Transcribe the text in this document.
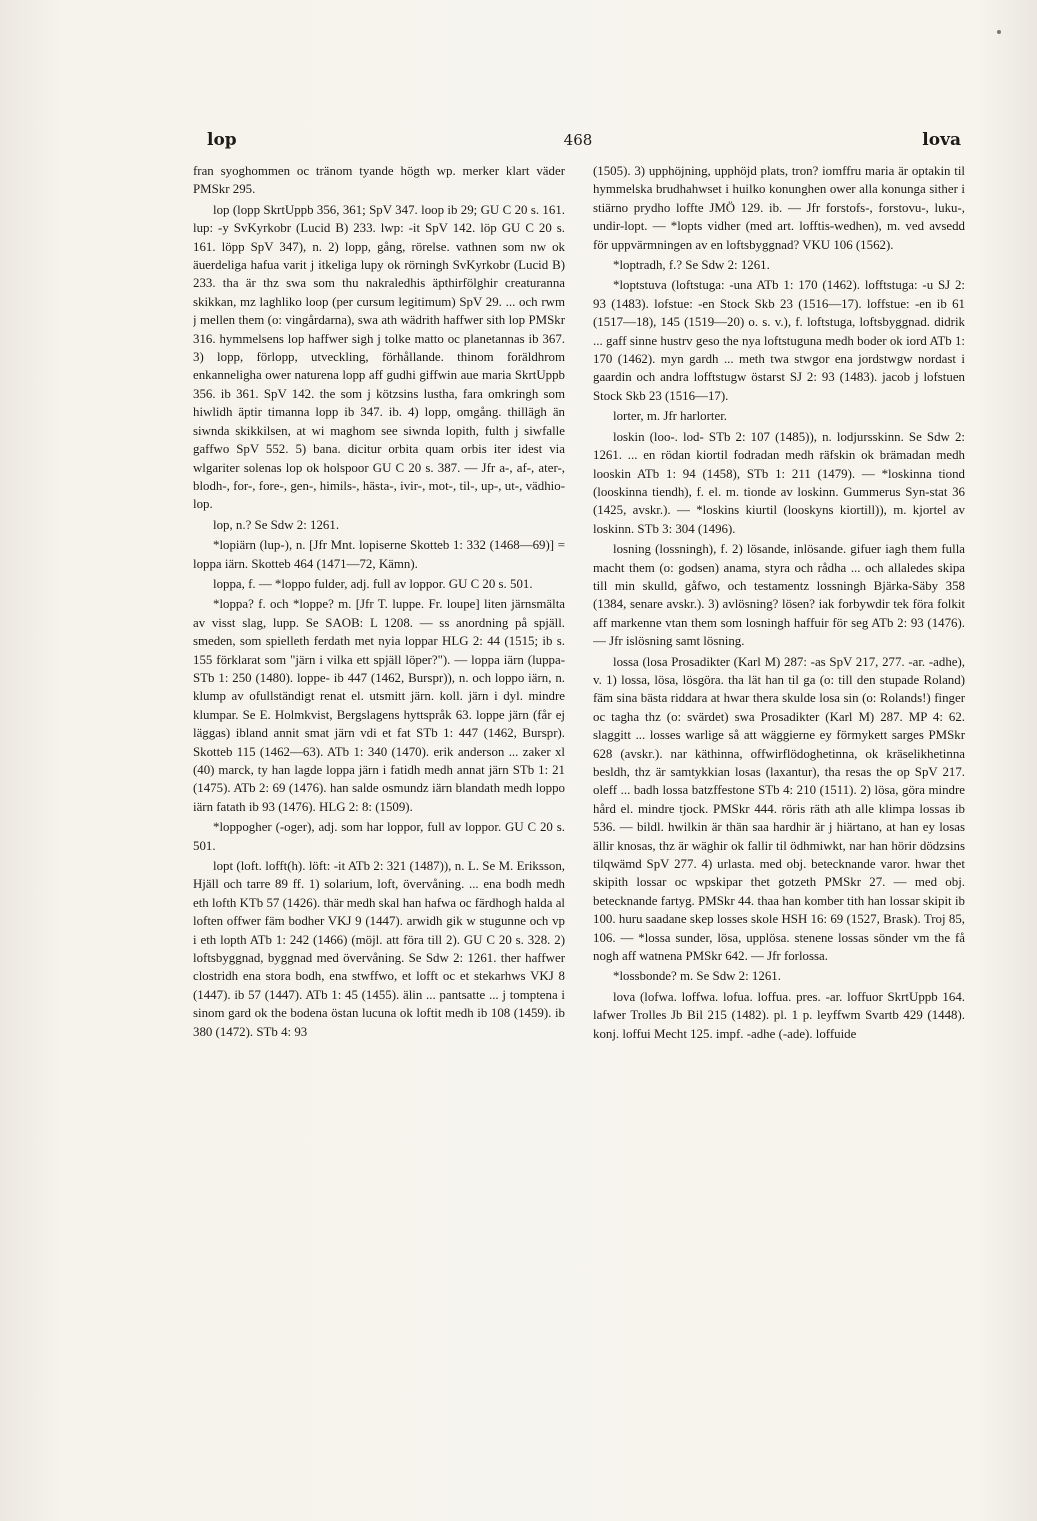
lop	468	lova

fran syoghommen oc tränom tyande högth wp. merker klart väder PMSkr 295.

lop (lopp SkrtUppb 356, 361; SpV 347. loop ib 29; GU C 20 s. 161. lup: -y SvKyrkobr (Lucid B) 233. lwp: -it SpV 142. löp GU C 20 s. 161. löpp SpV 347), n. 2) lopp, gång, rörelse. vathnen som nw ok äuerdeliga hafua varit j itkeliga lupy ok rörningh SvKyrkobr (Lucid B) 233. tha är thz swa som thu nakraledhis äpthirfölghir creaturanna skikkan, mz laghliko loop (per cursum legitimum) SpV 29. ... och rwm j mellen them (o: vingårdarna), swa ath wädrith haffwer sith lop PMSkr 316. hymmelsens lop haffwer sigh j tolke matto oc planetannas ib 367. 3) lopp, förlopp, utveckling, förhållande. thinom foräldhrom enkanneligha ower naturena lopp aff gudhi giffwin aue maria SkrtUppb 356. ib 361. SpV 142. the som j kötzsins lustha, fara omkringh som hiwlidh äptir timanna lopp ib 347. ib. 4) lopp, omgång. thillägh än siwnda skikkilsen, at wi maghom see siwnda lopith, fulth j siwfalle gaffwo SpV 552. 5) bana. dicitur orbita quam orbis iter idest via wlgariter solenas lop ok holspoor GU C 20 s. 387. — Jfr a-, af-, ater-, blodh-, for-, fore-, gen-, himils-, hästa-, ivir-, mot-, til-, up-, ut-, vädhio-lop.

lop, n.? Se Sdw 2: 1261.

*lopiärn (lup-), n. [Jfr Mnt. lopiserne Skotteb 1: 332 (1468—69)] = loppa iärn. Skotteb 464 (1471—72, Kämn).

loppa, f. — *loppo fulder, adj. full av loppor. GU C 20 s. 501.

*loppa? f. och *loppe? m. [Jfr T. luppe. Fr. loupe] liten järnsmälta av visst slag, lupp. Se SAOB: L 1208. — ss anordning på spjäll. smeden, som spielleth ferdath met nyia loppar HLG 2: 44 (1515; ib s. 155 förklarat som "järn i vilka ett spjäll löper?"). — loppa iärn (luppa- STb 1: 250 (1480). loppe- ib 447 (1462, Burspr)), n. och loppo iärn, n. klump av ofullständigt renat el. utsmitt järn. koll. järn i dyl. mindre klumpar. Se E. Holmkvist, Bergslagens hyttspråk 63. loppe järn (får ej läggas) ibland annit smat järn vdi et fat STb 1: 447 (1462, Burspr). Skotteb 115 (1462—63). ATb 1: 340 (1470). erik anderson ... zaker xl (40) marck, ty han lagde loppa järn i fatidh medh annat järn STb 1: 21 (1475). ATb 2: 69 (1476). han salde osmundz iärn blandath medh loppo iärn fatath ib 93 (1476). HLG 2: 8: (1509).

*loppogher (-oger), adj. som har loppor, full av loppor. GU C 20 s. 501.

lopt (loft. lofft(h). löft: -it ATb 2: 321 (1487)), n. L. Se M. Eriksson, Hjäll och tarre 89 ff. 1) solarium, loft, övervåning. ... ena bodh medh eth lofth KTb 57 (1426). thär medh skal han hafwa oc färdhogh halda al loften offwer fäm bodher VKJ 9 (1447). arwidh gik w stugunne och vp i eth lopth ATb 1: 242 (1466) (möjl. att föra till 2). GU C 20 s. 328. 2) loftsbyggnad, byggnad med övervåning. Se Sdw 2: 1261. ther haffwer clostridh ena stora bodh, ena stwffwo, et lofft oc et stekarhws VKJ 8 (1447). ib 57 (1447). ATb 1: 45 (1455). älin ... pantsatte ... j tomptena i sinom gard ok the bodena östan lucuna ok loftit medh ib 108 (1459). ib 380 (1472). STb 4: 93

(1505). 3) upphöjning, upphöjd plats, tron? iomffru maria är optakin til hymmelska brudhahwset i huilko konunghen ower alla konunga sither i stiärno prydho loffte JMÖ 129. ib. — Jfr forstofs-, forstovu-, luku-, undir-lopt. — *lopts vidher (med art. lofftis-wedhen), m. ved avsedd för uppvärmningen av en loftsbyggnad? VKU 106 (1562).

*loptradh, f.? Se Sdw 2: 1261.

*loptstuva (loftstuga: -una ATb 1: 170 (1462). lofftstuga: -u SJ 2: 93 (1483). lofstue: -en Stock Skb 23 (1516—17). loffstue: -en ib 61 (1517—18), 145 (1519—20) o. s. v.), f. loftstuga, loftsbyggnad. didrik ... gaff sinne hustrv geso the nya loftstuguna medh boder ok iord ATb 1: 170 (1462). myn gardh ... meth twa stwgor ena jordstwgw nordast i gaardin och andra lofftstugw östarst SJ 2: 93 (1483). jacob j lofstuen Stock Skb 23 (1516—17).

lorter, m. Jfr harlorter.

loskin (loo-. lod- STb 2: 107 (1485)), n. lodjursskinn. Se Sdw 2: 1261. ... en rödan kiortil fodradan medh räfskin ok brämadan medh looskin ATb 1: 94 (1458), STb 1: 211 (1479). — *loskinna tiond (looskinna tiendh), f. el. m. tionde av loskinn. Gummerus Syn-stat 36 (1425, avskr.). — *loskins kiurtil (looskyns kiortill)), m. kjortel av loskinn. STb 3: 304 (1496).

losning (lossningh), f. 2) lösande, inlösande. gifuer iagh them fulla macht them (o: godsen) anama, styra och rådha ... och allaledes skipa till min skulld, gåfwo, och testamentz lossningh Bjärka-Säby 358 (1384, senare avskr.). 3) avlösning? lösen? iak forbywdir tek föra folkit aff markenne vtan them som losningh haffuir för seg ATb 2: 93 (1476). — Jfr islösning samt lösning.

lossa (losa Prosadikter (Karl M) 287: -as SpV 217, 277. -ar. -adhe), v. 1) lossa, lösa, lösgöra. tha lät han til ga (o: till den stupade Roland) fäm sina bästa riddara at hwar thera skulde losa sin (o: Rolands!) finger oc tagha thz (o: svärdet) swa Prosadikter (Karl M) 287. MP 4: 62. slaggitt ... losses warlige så att wäggierne ey förmykett sarges PMSkr 628 (avskr.). nar käthinna, offwirflödoghetinna, ok kräselikhetinna besldh, thz är samtykkian losas (laxantur), tha resas the op SpV 217. oleff ... badh lossa batzffestone STb 4: 210 (1511). 2) lösa, göra mindre hård el. mindre tjock. PMSkr 444. röris räth ath alle klimpa lossas ib 536. — bildl. hwilkin är thän saa hardhir är j hiärtano, at han ey losas ällir knosas, thz är wäghir ok fallir til ödhmiwkt, nar han hörir dödzsins tilqwämd SpV 277. 4) urlasta. med obj. betecknande varor. hwar thet skipith lossar oc wpskipar thet gotzeth PMSkr 27. — med obj. betecknande fartyg. PMSkr 44. thaa han komber tith han lossar skipit ib 100. huru saadane skep losses skole HSH 16: 69 (1527, Brask). Troj 85, 106. — *lossa sunder, lösa, upplösa. stenene lossas sönder vm the få nogh aff watnena PMSkr 642. — Jfr forlossa.

*lossbonde? m. Se Sdw 2: 1261.

lova (lofwa. loffwa. lofua. loffua. pres. -ar. loffuor SkrtUppb 164. lafwer Trolles Jb Bil 215 (1482). pl. 1 p. leyffwm Svartb 429 (1448). konj. loffui Mecht 125. impf. -adhe (-ade). loffuide
